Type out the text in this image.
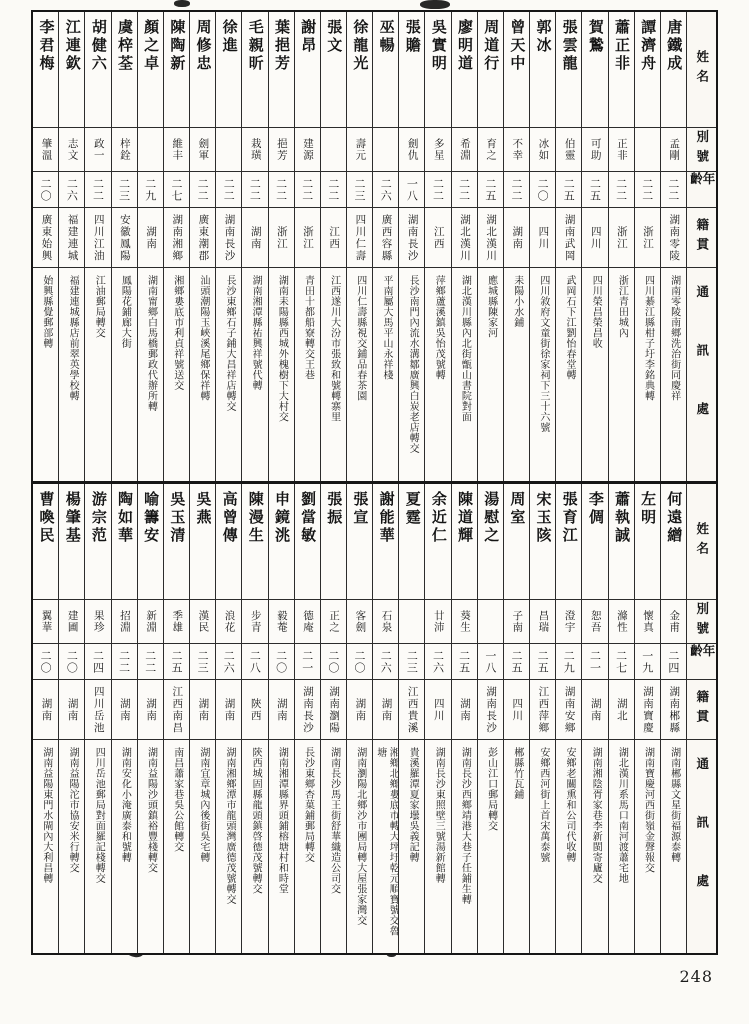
姓名
別號
年齡
籍貫
通訊處
唐鐵成
孟剛
二二
湖南零陵
湖南零陵南鄉洗治街同慶祥
譚濟舟
二二
浙江
四川綦江縣柑子圩李銘典轉
蕭正非
正非
二二
浙江
浙江青田城內
賀鷙
可助
二五
四川
四川榮昌榮昌收
張雲龍
伯靈
二五
湖南武岡
武岡石下江劉怡春堂轉
郭冰
冰如
二〇
四川
四川敘府文童街徐家祠下三十六號
曾天中
不幸
二二
湖南
耒陽小水鋪
周道行
育之
二五
湖北漢川
應城縣陳家河
廖明道
希淵
二二
湖北漢川
湖北漢川縣內北街甑山書院對面
吳實明
多星
二二
江西
萍鄉蘆溪鎮吳怡茂號轉
張贍
劍仇
一八
湖南長沙
長沙南門內流水溝鄒廣興白炭老店轉交
巫暢
二六
廣西容縣
平南屬大馬平山永祥棧
徐龍光
壽元
二三
四川仁壽
四川仁壽縣視交鋪品春茶園
張文
二二
江西
江西遂川大汾市張致和號轉寨里
謝昂
建源
二二
浙江
青田十都船寮轉交王巷
葉挹芳
挹芳
二二
浙江
湖南耒陽縣西城外槐樹下大村交
毛親昕
栽璜
二二
湖南
湖南湘潭縣祐興祥號代轉
徐進
二二
湖南長沙
長沙東鄉石子鋪大昌祥店轉交
周修忠
劍軍
二二
廣東潮郡
汕頭潮陽玉峽溪尾鄉保祥轉
陳陶新
維丰
二七
湖南湘鄉
湘鄉婁底市利貞祥號送交
顏之卓
二九
湖南
湖南甯鄉白馬橋郵政代辦所轉
虞梓荃
梓銓
二三
安徽鳳陽
鳳陽花鋪廊大街
胡健六
政一
二二
四川江油
江油郵局轉交
江連欽
志文
二六
福建連城
福建連城縣店前翠英學校轉
李君梅
肇溫
二〇
廣東始興
始興縣覺郵部轉
姓名
別號
年齡
籍貫
通訊處
何遠繒
金甫
二四
湖南郴縣
湖南郴縣文星街福源泰轉
左明
懷真
一九
湖南寶慶
湖南寶慶河西街嶺金聲報交
蕭執誠
滌性
二七
湖北
湖北漢川系馬口南河渡蕭宅地
李倜
恕吾
二一
湖南
湖南湘陰胥家巷李新閩寄廬交
張育江
澄宇
二九
湖南安鄉
安鄉老關熏和公司代收轉
宋玉陔
昌瑞
二五
江西萍鄉
安鄉西河街上首宋萬泰號
周室
子南
二五
四川
郴縣竹瓦鋪
湯慰之
一八
湖南長沙
彭山江口郵局轉交
陳道輝
葵生
二五
湖南
湖南長沙西鄉靖港大巷子任鋪生轉
余近仁
廿沛
二六
四川
湖南長沙東照壁三號湯新館轉
夏霆
二三
江西貴溪
貴溪羅潭夏家壜吳義記轉
謝能華
石泉
二六
湖南
湘鄉北鄉婁底市轉大坪圩乾元順寶號交魯塘
張宣
客劍
二〇
湖南
湖南瀏陽北鄉沙市團局轉大屋張家灣交
張振
正之
二〇
湖南瀏陽
湖南長沙馬王街舒華織造公司交
劉當敏
德庵
二一
湖南長沙
長沙東鄉杏菓鋪郵局轉交
申鏡洮
毅菴
二〇
湖南
湖南湘潭縣界頭鋪榕塘村和時堂
陳漫生
步青
二八
陝西
陝西城固縣龍頭鎮啓德茂號轉交
高曾傳
浪花
二六
湖南
湖南湘鄉潭市龍頭灣廣德茂號轉交
吳燕
漢民
二三
湖南
湖南宜章城內後街吳宅轉
吳玉清
季雄
二五
江西南昌
南昌蕭家巷吳公館轉交
喻籌安
新淵
二二
湖南
湖南益陽沙頭鎮裕豐棧轉交
陶如華
招淵
二二
湖南
湖南安化小淹廣泰和號轉
游宗范
果珍
二四
四川岳池
四川岳池郵局對面羅記棧轉交
楊肇基
建圃
二〇
湖南
湖南益陽沱市協安米行轉交
曹喚民
翼華
二〇
湖南
湖南益陽東門水閘內大利昌轉
248
